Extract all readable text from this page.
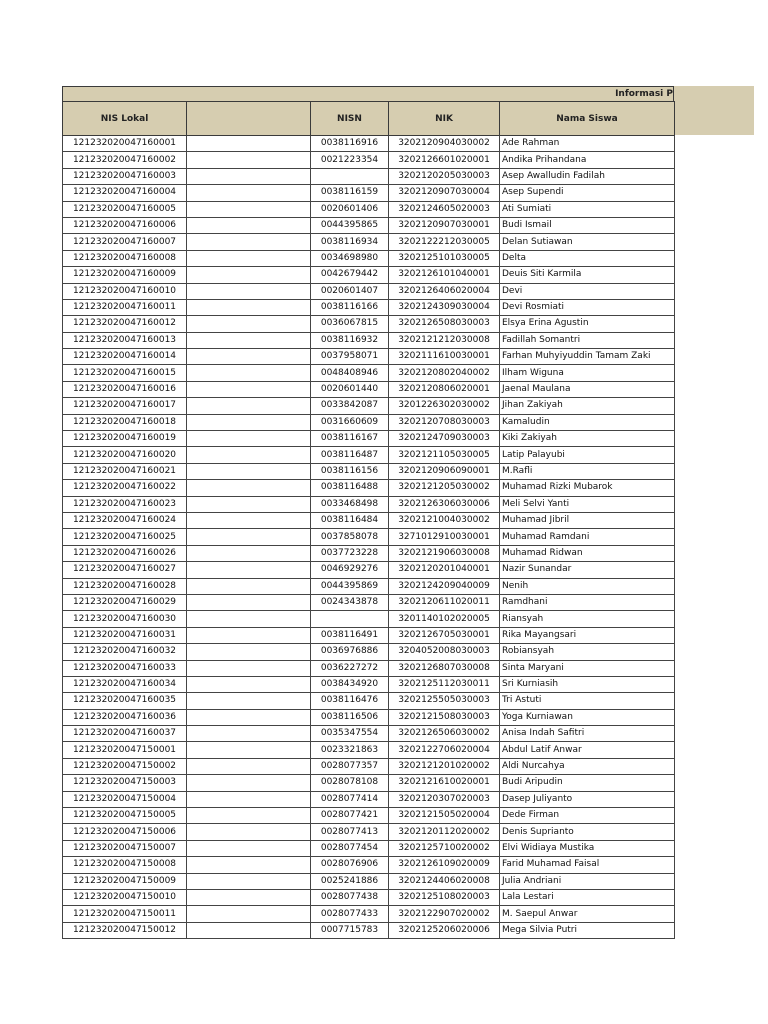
Informasi P
NIS Lokal		NISN	NIK	Nama Siswa
121232020047160001		0038116916	3202120904030002	Ade Rahman
121232020047160002		0021223354	3202126601020001	Andika Prihandana
121232020047160003			3202120205030003	Asep Awalludin Fadilah
121232020047160004		0038116159	3202120907030004	Asep Supendi
121232020047160005		0020601406	3202124605020003	Ati Sumiati
121232020047160006		0044395865	3202120907030001	Budi Ismail
121232020047160007		0038116934	3202122212030005	Delan Sutiawan
121232020047160008		0034698980	3202125101030005	Delta
121232020047160009		0042679442	3202126101040001	Deuis Siti Karmila
121232020047160010		0020601407	3202126406020004	Devi
121232020047160011		0038116166	3202124309030004	Devi Rosmiati
121232020047160012		0036067815	3202126508030003	Elsya Erina Agustin
121232020047160013		0038116932	3202121212030008	Fadillah Somantri
121232020047160014		0037958071	3202111610030001	Farhan Muhyiyuddin Tamam Zaki
121232020047160015		0048408946	3202120802040002	Ilham Wiguna
121232020047160016		0020601440	3202120806020001	Jaenal Maulana
121232020047160017		0033842087	3201226302030002	Jihan Zakiyah
121232020047160018		0031660609	3202120708030003	Kamaludin
121232020047160019		0038116167	3202124709030003	Kiki Zakiyah
121232020047160020		0038116487	3202121105030005	Latip Palayubi
121232020047160021		0038116156	3202120906090001	M.Rafli
121232020047160022		0038116488	3202121205030002	Muhamad Rizki Mubarok
121232020047160023		0033468498	3202126306030006	Meli Selvi Yanti
121232020047160024		0038116484	3202121004030002	Muhamad Jibril
121232020047160025		0037858078	3271012910030001	Muhamad Ramdani
121232020047160026		0037723228	3202121906030008	Muhamad Ridwan
121232020047160027		0046929276	3202120201040001	Nazir Sunandar
121232020047160028		0044395869	3202124209040009	Nenih
121232020047160029		0024343878	3202120611020011	Ramdhani
121232020047160030			3201140102020005	Riansyah
121232020047160031		0038116491	3202126705030001	Rika Mayangsari
121232020047160032		0036976886	3204052008030003	Robiansyah
121232020047160033		0036227272	3202126807030008	Sinta Maryani
121232020047160034		0038434920	3202125112030011	Sri Kurniasih
121232020047160035		0038116476	3202125505030003	Tri Astuti
121232020047160036		0038116506	3202121508030003	Yoga Kurniawan
121232020047160037		0035347554	3202126506030002	Anisa Indah Safitri
121232020047150001		0023321863	3202122706020004	Abdul Latif Anwar
121232020047150002		0028077357	3202121201020002	Aldi Nurcahya
121232020047150003		0028078108	3202121610020001	Budi Aripudin
121232020047150004		0028077414	3202120307020003	Dasep Juliyanto
121232020047150005		0028077421	3202121505020004	Dede Firman
121232020047150006		0028077413	3202120112020002	Denis Suprianto
121232020047150007		0028077454	3202125710020002	Elvi Widiaya Mustika
121232020047150008		0028076906	3202126109020009	Farid Muhamad Faisal
121232020047150009		0025241886	3202124406020008	Julia Andriani
121232020047150010		0028077438	3202125108020003	Lala Lestari
121232020047150011		0028077433	3202122907020002	M. Saepul Anwar
121232020047150012		0007715783	3202125206020006	Mega Silvia Putri
